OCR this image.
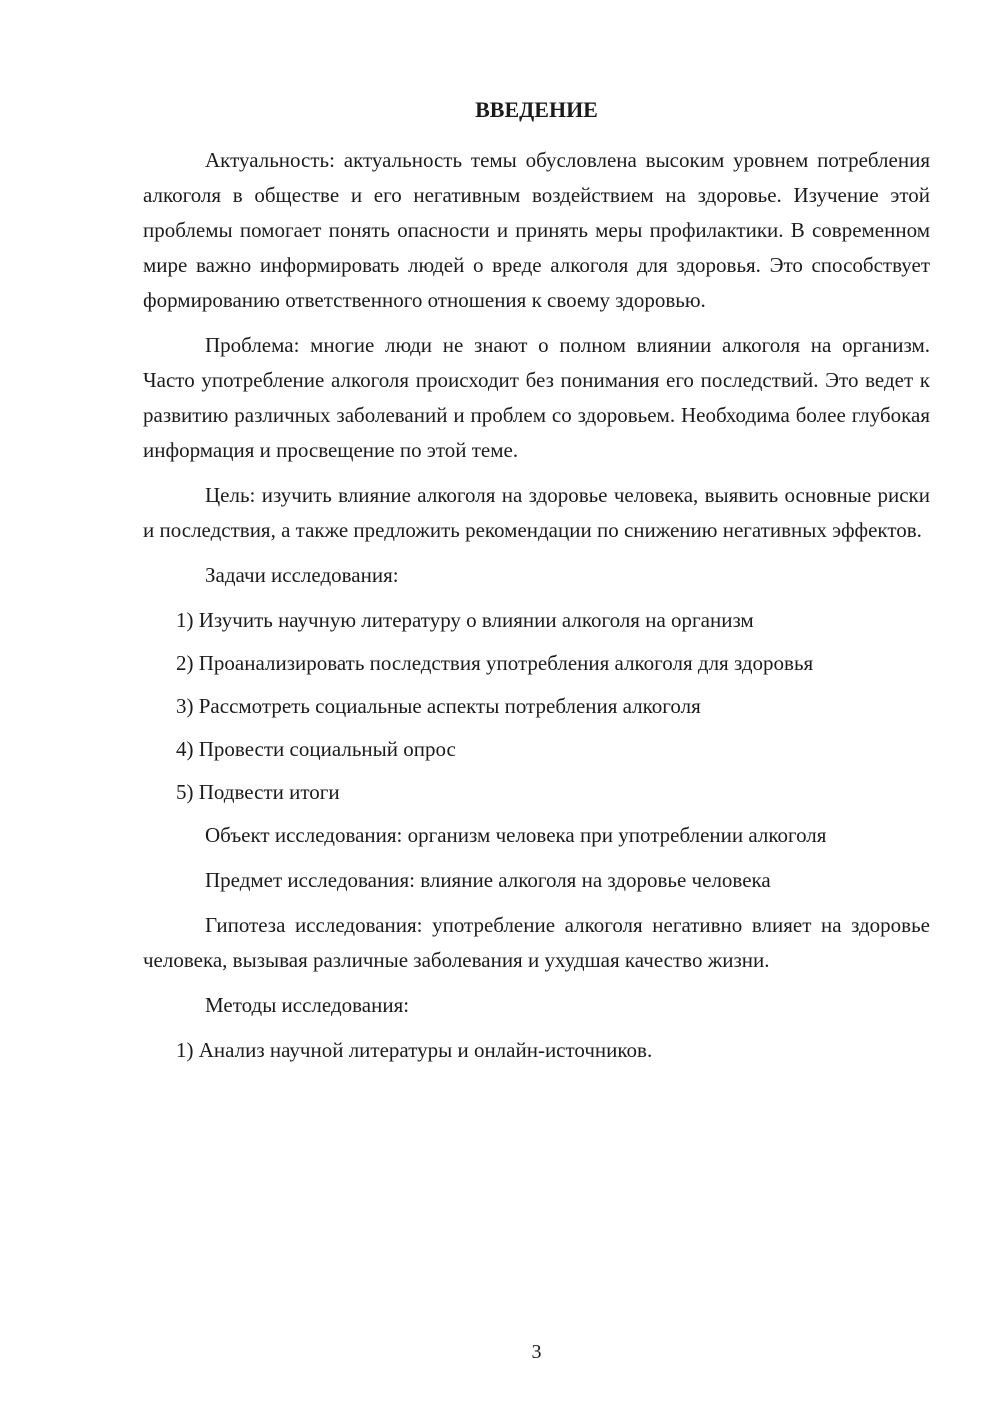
ВВЕДЕНИЕ

Актуальность: актуальность темы обусловлена высоким уровнем потребления алкоголя в обществе и его негативным воздействием на здоровье. Изучение этой проблемы помогает понять опасности и принять меры профилактики. В современном мире важно информировать людей о вреде алкоголя для здоровья. Это способствует формированию ответственного отношения к своему здоровью.

Проблема: многие люди не знают о полном влиянии алкоголя на организм. Часто употребление алкоголя происходит без понимания его последствий. Это ведет к развитию различных заболеваний и проблем со здоровьем. Необходима более глубокая информация и просвещение по этой теме.

Цель: изучить влияние алкоголя на здоровье человека, выявить основные риски и последствия, а также предложить рекомендации по снижению негативных эффектов.

Задачи исследования:

1) Изучить научную литературу о влиянии алкоголя на организм

2) Проанализировать последствия употребления алкоголя для здоровья

3) Рассмотреть социальные аспекты потребления алкоголя

4) Провести социальный опрос

5) Подвести итоги

Объект исследования: организм человека при употреблении алкоголя

Предмет исследования: влияние алкоголя на здоровье человека

Гипотеза исследования: употребление алкоголя негативно влияет на здоровье человека, вызывая различные заболевания и ухудшая качество жизни.

Методы исследования:

1) Анализ научной литературы и онлайн-источников.

3
